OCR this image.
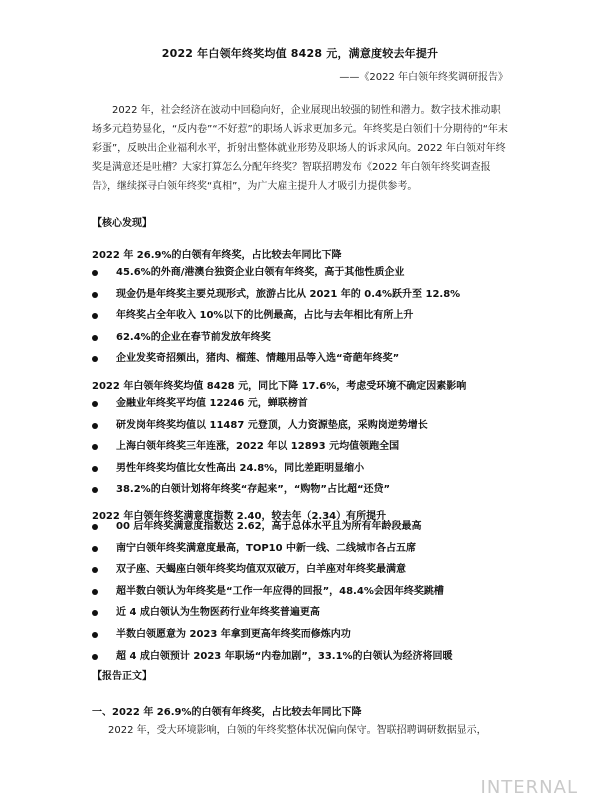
2022 年白领年终奖均值 8428 元，满意度较去年提升
——《2022 年白领年终奖调研报告》
2022 年，社会经济在波动中回稳向好，企业展现出较强的韧性和潜力。数字技术推动职场多元趋势显化，“反内卷”“不好惹”的职场人诉求更加多元。年终奖是白领们十分期待的“年末彩蛋”，反映出企业福利水平，折射出整体就业形势及职场人的诉求风向。2022 年白领对年终奖是满意还是吐槽？大家打算怎么分配年终奖？智联招聘发布《2022 年白领年终奖调查报告》，继续探寻白领年终奖“真相”，为广大雇主提升人才吸引力提供参考。
【核心发现】
2022 年 26.9%的白领有年终奖，占比较去年同比下降
45.6%的外商/港澳台独资企业白领有年终奖，高于其他性质企业
现金仍是年终奖主要兑现形式，旅游占比从 2021 年的 0.4%跃升至 12.8%
年终奖占全年收入 10%以下的比例最高，占比与去年相比有所上升
62.4%的企业在春节前发放年终奖
企业发奖奇招频出，猪肉、榴莲、情趣用品等入选“奇葩年终奖”
2022 年白领年终奖均值 8428 元，同比下降 17.6%，考虑受环境不确定因素影响
金融业年终奖平均值 12246 元，蝉联榜首
研发岗年终奖均值以 11487 元登顶，人力资源垫底，采购岗逆势增长
上海白领年终奖三年连涨，2022 年以 12893 元均值领跑全国
男性年终奖均值比女性高出 24.8%，同比差距明显缩小
38.2%的白领计划将年终奖“存起来”，“购物”占比超“还贷”
2022 年白领年终奖满意度指数 2.40，较去年（2.34）有所提升
00 后年终奖满意度指数达 2.62，高于总体水平且为所有年龄段最高
南宁白领年终奖满意度最高，TOP10 中新一线、二线城市各占五席
双子座、天蝎座白领年终奖均值双双破万，白羊座对年终奖最满意
超半数白领认为年终奖是“工作一年应得的回报”，48.4%会因年终奖跳槽
近 4 成白领认为生物医药行业年终奖普遍更高
半数白领愿意为 2023 年拿到更高年终奖而修炼内功
超 4 成白领预计 2023 年职场“内卷加剧”，33.1%的白领认为经济将回暖
【报告正文】
一、2022 年 26.9%的白领有年终奖，占比较去年同比下降
2022 年，受大环境影响，白领的年终奖整体状况偏向保守。智联招聘调研数据显示，
INTERNAL
